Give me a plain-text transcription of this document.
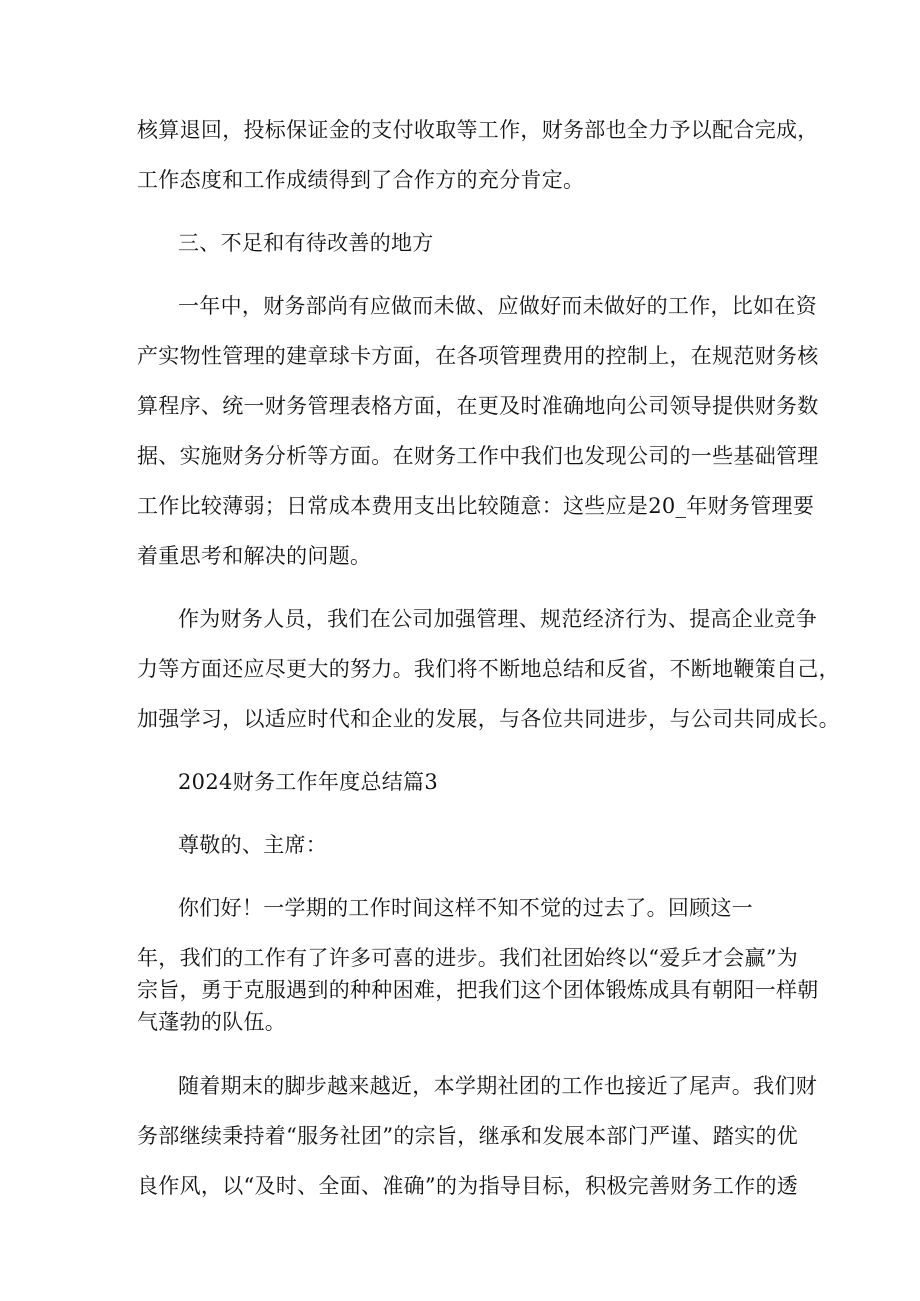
核算退回，投标保证金的支付收取等工作，财务部也全力予以配合完成，
工作态度和工作成绩得到了合作方的充分肯定。
三、不足和有待改善的地方
一年中，财务部尚有应做而未做、应做好而未做好的工作，比如在资
产实物性管理的建章球卡方面，在各项管理费用的控制上，在规范财务核
算程序、统一财务管理表格方面，在更及时准确地向公司领导提供财务数
据、实施财务分析等方面。在财务工作中我们也发现公司的一些基础管理
工作比较薄弱；日常成本费用支出比较随意：这些应是20_年财务管理要
着重思考和解决的问题。
作为财务人员，我们在公司加强管理、规范经济行为、提高企业竞争
力等方面还应尽更大的努力。我们将不断地总结和反省，不断地鞭策自己，
加强学习，以适应时代和企业的发展，与各位共同进步，与公司共同成长。
2024财务工作年度总结篇3
尊敬的、主席：
你们好！一学期的工作时间这样不知不觉的过去了。回顾这一
年，我们的工作有了许多可喜的进步。我们社团始终以“爱乒才会赢”为
宗旨，勇于克服遇到的种种困难，把我们这个团体锻炼成具有朝阳一样朝
气蓬勃的队伍。
随着期末的脚步越来越近，本学期社团的工作也接近了尾声。我们财
务部继续秉持着“服务社团”的宗旨，继承和发展本部门严谨、踏实的优
良作风，以“及时、全面、准确”的为指导目标，积极完善财务工作的透
